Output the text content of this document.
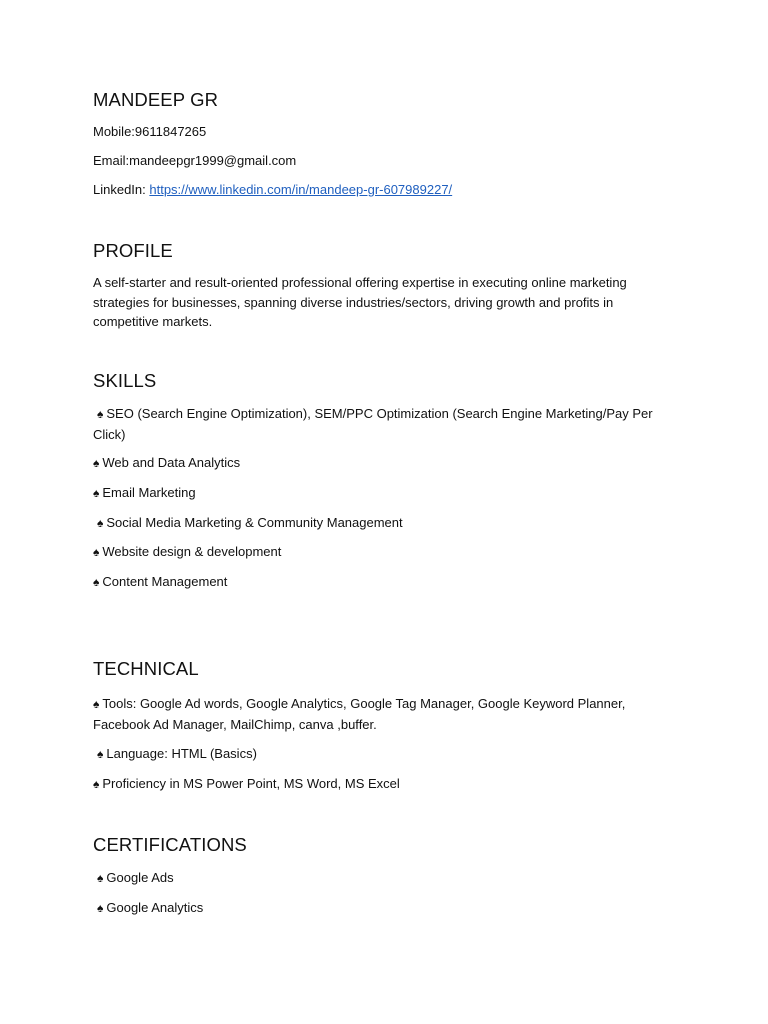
MANDEEP GR
Mobile:9611847265
Email:mandeepgr1999@gmail.com
LinkedIn: https://www.linkedin.com/in/mandeep-gr-607989227/
PROFILE
A self-starter and result-oriented professional offering expertise in executing online marketing strategies for businesses, spanning diverse industries/sectors, driving growth and profits in competitive markets.
SKILLS
♠ SEO (Search Engine Optimization), SEM/PPC Optimization (Search Engine Marketing/Pay Per Click)
♠ Web and Data Analytics
♠ Email Marketing
♠ Social Media Marketing & Community Management
♠ Website design & development
♠ Content Management
TECHNICAL
♠ Tools: Google Ad words, Google Analytics, Google Tag Manager, Google Keyword Planner, Facebook Ad Manager, MailChimp, canva ,buffer.
♠ Language: HTML (Basics)
♠ Proficiency in MS Power Point, MS Word, MS Excel
CERTIFICATIONS
♠ Google Ads
♠ Google Analytics
